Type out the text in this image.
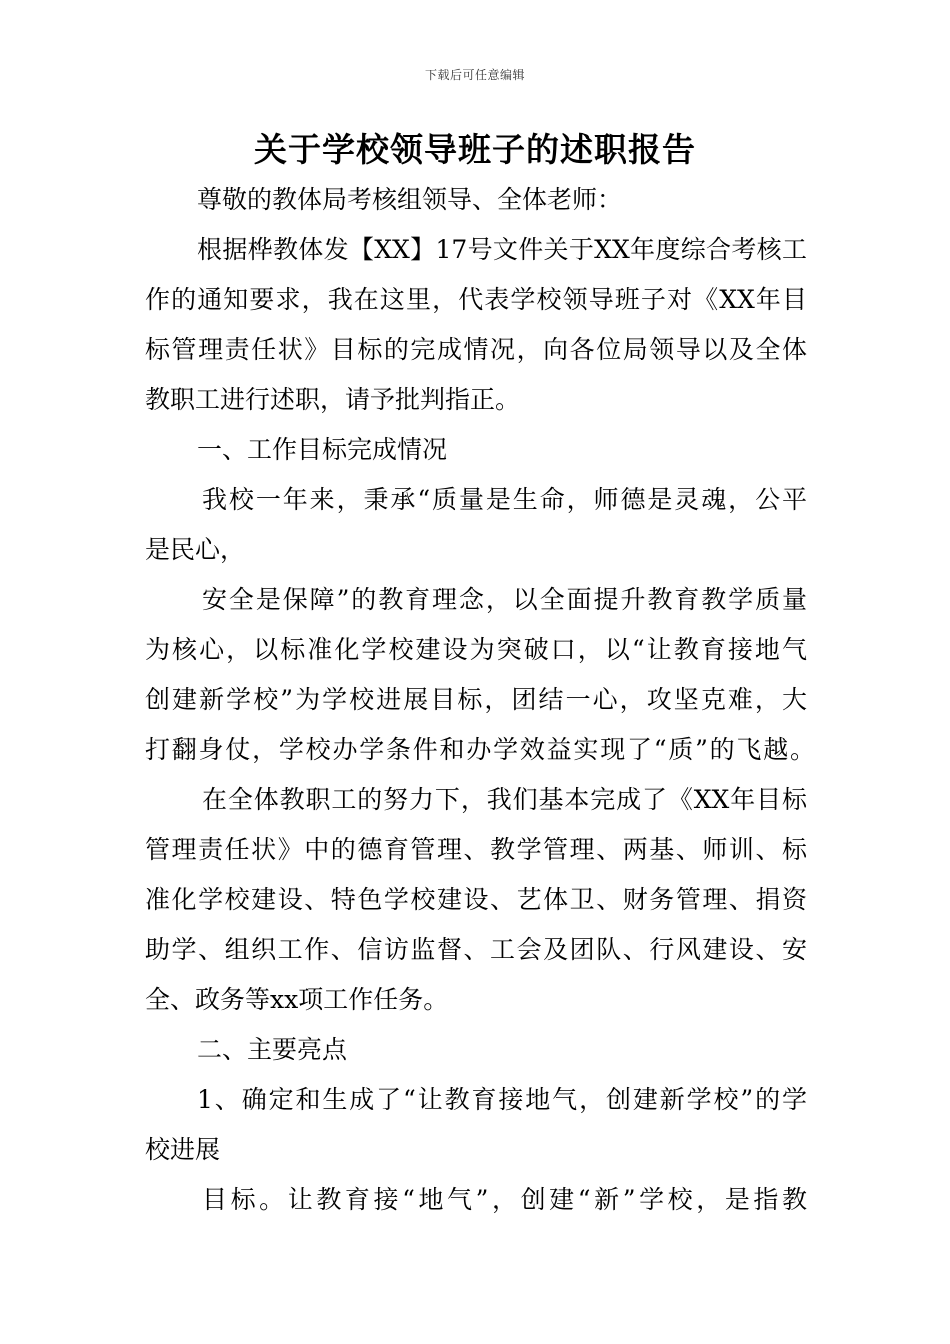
下载后可任意编辑
关于学校领导班子的述职报告
尊敬的教体局考核组领导、全体老师：
根据桦教体发【XX】17号文件关于XX年度综合考核工
作的通知要求，我在这里，代表学校领导班子对《XX年目
标管理责任状》目标的完成情况，向各位局领导以及全体
教职工进行述职，请予批判指正。
一、工作目标完成情况
我校一年来，秉承“质量是生命，师德是灵魂，公平
是民心，
安全是保障”的教育理念，以全面提升教育教学质量
为核心，以标准化学校建设为突破口，以“让教育接地气
创建新学校”为学校进展目标，团结一心，攻坚克难，大
打翻身仗，学校办学条件和办学效益实现了“质”的飞越。
在全体教职工的努力下，我们基本完成了《XX年目标
管理责任状》中的德育管理、教学管理、两基、师训、标
准化学校建设、特色学校建设、艺体卫、财务管理、捐资
助学、组织工作、信访监督、工会及团队、行风建设、安
全、政务等xx项工作任务。
二、主要亮点
1、确定和生成了“让教育接地气，创建新学校”的学
校进展
目标。让教育接“地气”，创建“新”学校，是指教
